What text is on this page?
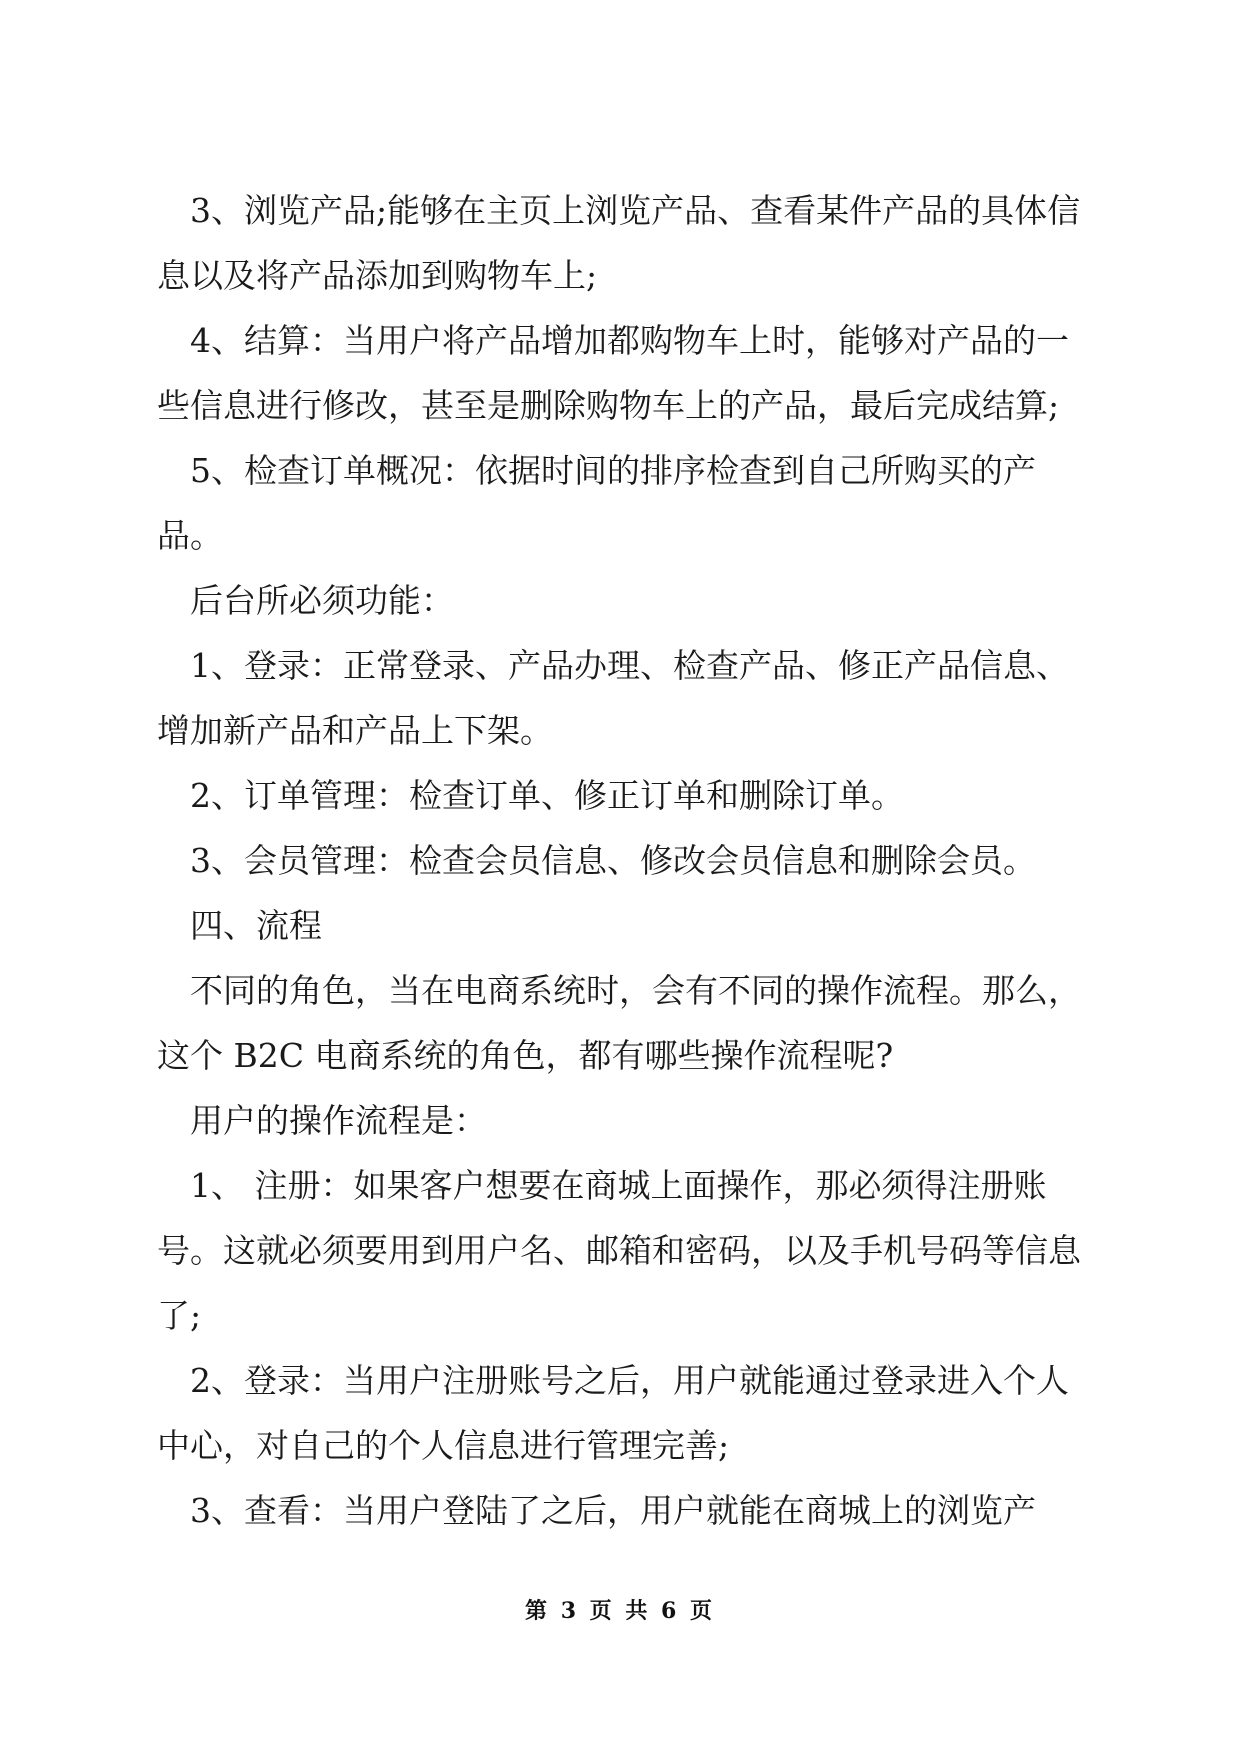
3、浏览产品;能够在主页上浏览产品、查看某件产品的具体信
息以及将产品添加到购物车上;
4、结算：当用户将产品增加都购物车上时，能够对产品的一
些信息进行修改，甚至是删除购物车上的产品，最后完成结算;
5、检查订单概况：依据时间的排序检查到自己所购买的产
品。
后台所必须功能：
1、登录：正常登录、产品办理、检查产品、修正产品信息、
增加新产品和产品上下架。
2、订单管理：检查订单、修正订单和删除订单。
3、会员管理：检查会员信息、修改会员信息和删除会员。
四、流程
不同的角色，当在电商系统时，会有不同的操作流程。那么，
这个 B2C 电商系统的角色，都有哪些操作流程呢?
用户的操作流程是：
1、 注册：如果客户想要在商城上面操作，那必须得注册账
号。这就必须要用到用户名、邮箱和密码，以及手机号码等信息
了;
2、登录：当用户注册账号之后，用户就能通过登录进入个人
中心，对自己的个人信息进行管理完善;
3、查看：当用户登陆了之后，用户就能在商城上的浏览产
第 3 页 共 6 页
